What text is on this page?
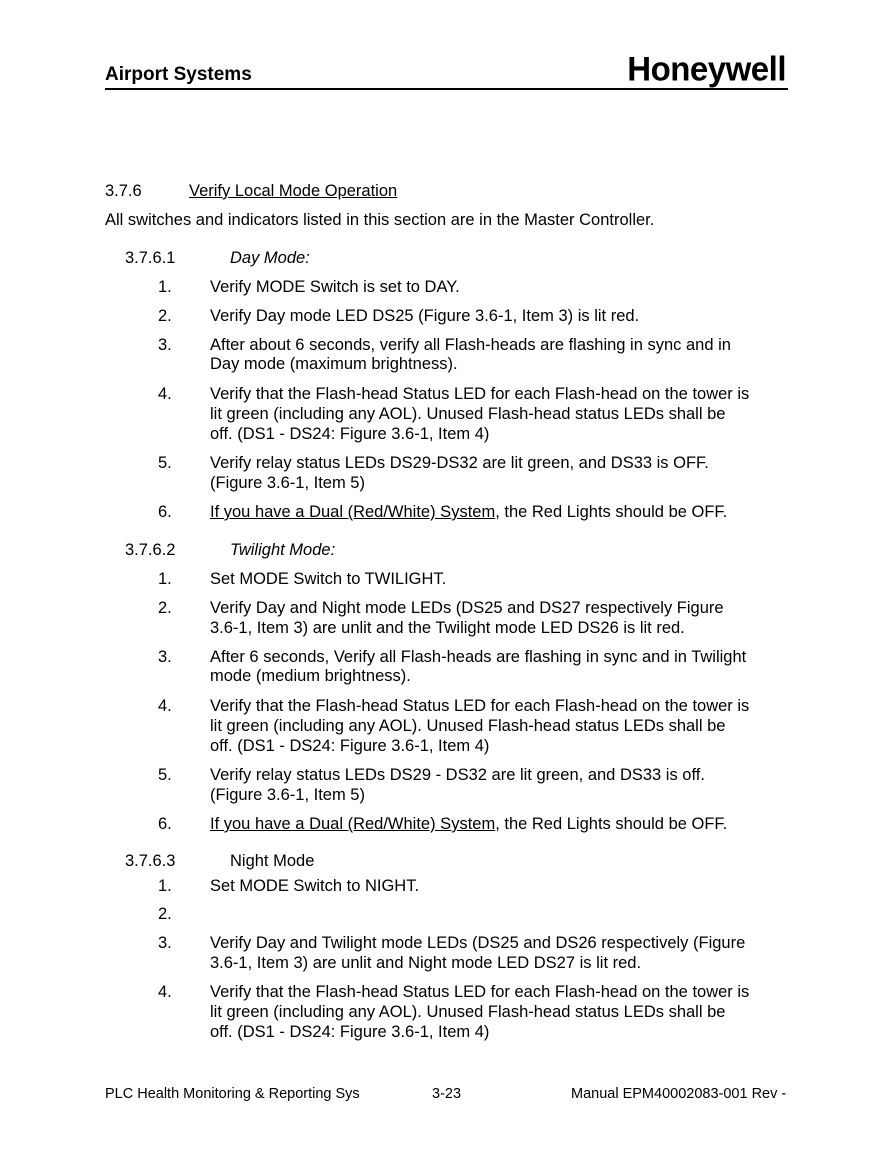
Airport Systems	Honeywell
3.7.6	Verify Local Mode Operation
All switches and indicators listed in this section are in the Master Controller.
3.7.6.1	Day Mode:
1. Verify MODE Switch is set to DAY.
2. Verify Day mode LED DS25 (Figure 3.6-1, Item 3) is lit red.
3. After about 6 seconds, verify all Flash-heads are flashing in sync and in
Day mode (maximum brightness).
4. Verify that the Flash-head Status LED for each Flash-head on the tower is
lit green (including any AOL). Unused Flash-head status LEDs shall be
off. (DS1 - DS24: Figure 3.6-1, Item 4)
5. Verify relay status LEDs DS29-DS32 are lit green, and DS33 is OFF.
(Figure 3.6-1, Item 5)
6. If you have a Dual (Red/White) System, the Red Lights should be OFF.
3.7.6.2	Twilight Mode:
1. Set MODE Switch to TWILIGHT.
2. Verify Day and Night mode LEDs (DS25 and DS27 respectively Figure
3.6-1, Item 3) are unlit and the Twilight mode LED DS26 is lit red.
3. After 6 seconds, Verify all Flash-heads are flashing in sync and in Twilight
mode (medium brightness).
4. Verify that the Flash-head Status LED for each Flash-head on the tower is
lit green (including any AOL). Unused Flash-head status LEDs shall be
off. (DS1 - DS24: Figure 3.6-1, Item 4)
5. Verify relay status LEDs DS29 - DS32 are lit green, and DS33 is off.
(Figure 3.6-1, Item 5)
6. If you have a Dual (Red/White) System, the Red Lights should be OFF.
3.7.6.3	Night Mode
1. Set MODE Switch to NIGHT.
2.
3. Verify Day and Twilight mode LEDs (DS25 and DS26 respectively (Figure
3.6-1, Item 3) are unlit and Night mode LED DS27 is lit red.
4. Verify that the Flash-head Status LED for each Flash-head on the tower is
lit green (including any AOL). Unused Flash-head status LEDs shall be
off. (DS1 - DS24: Figure 3.6-1, Item 4)
PLC Health Monitoring & Reporting Sys	3-23	Manual EPM40002083-001 Rev -
